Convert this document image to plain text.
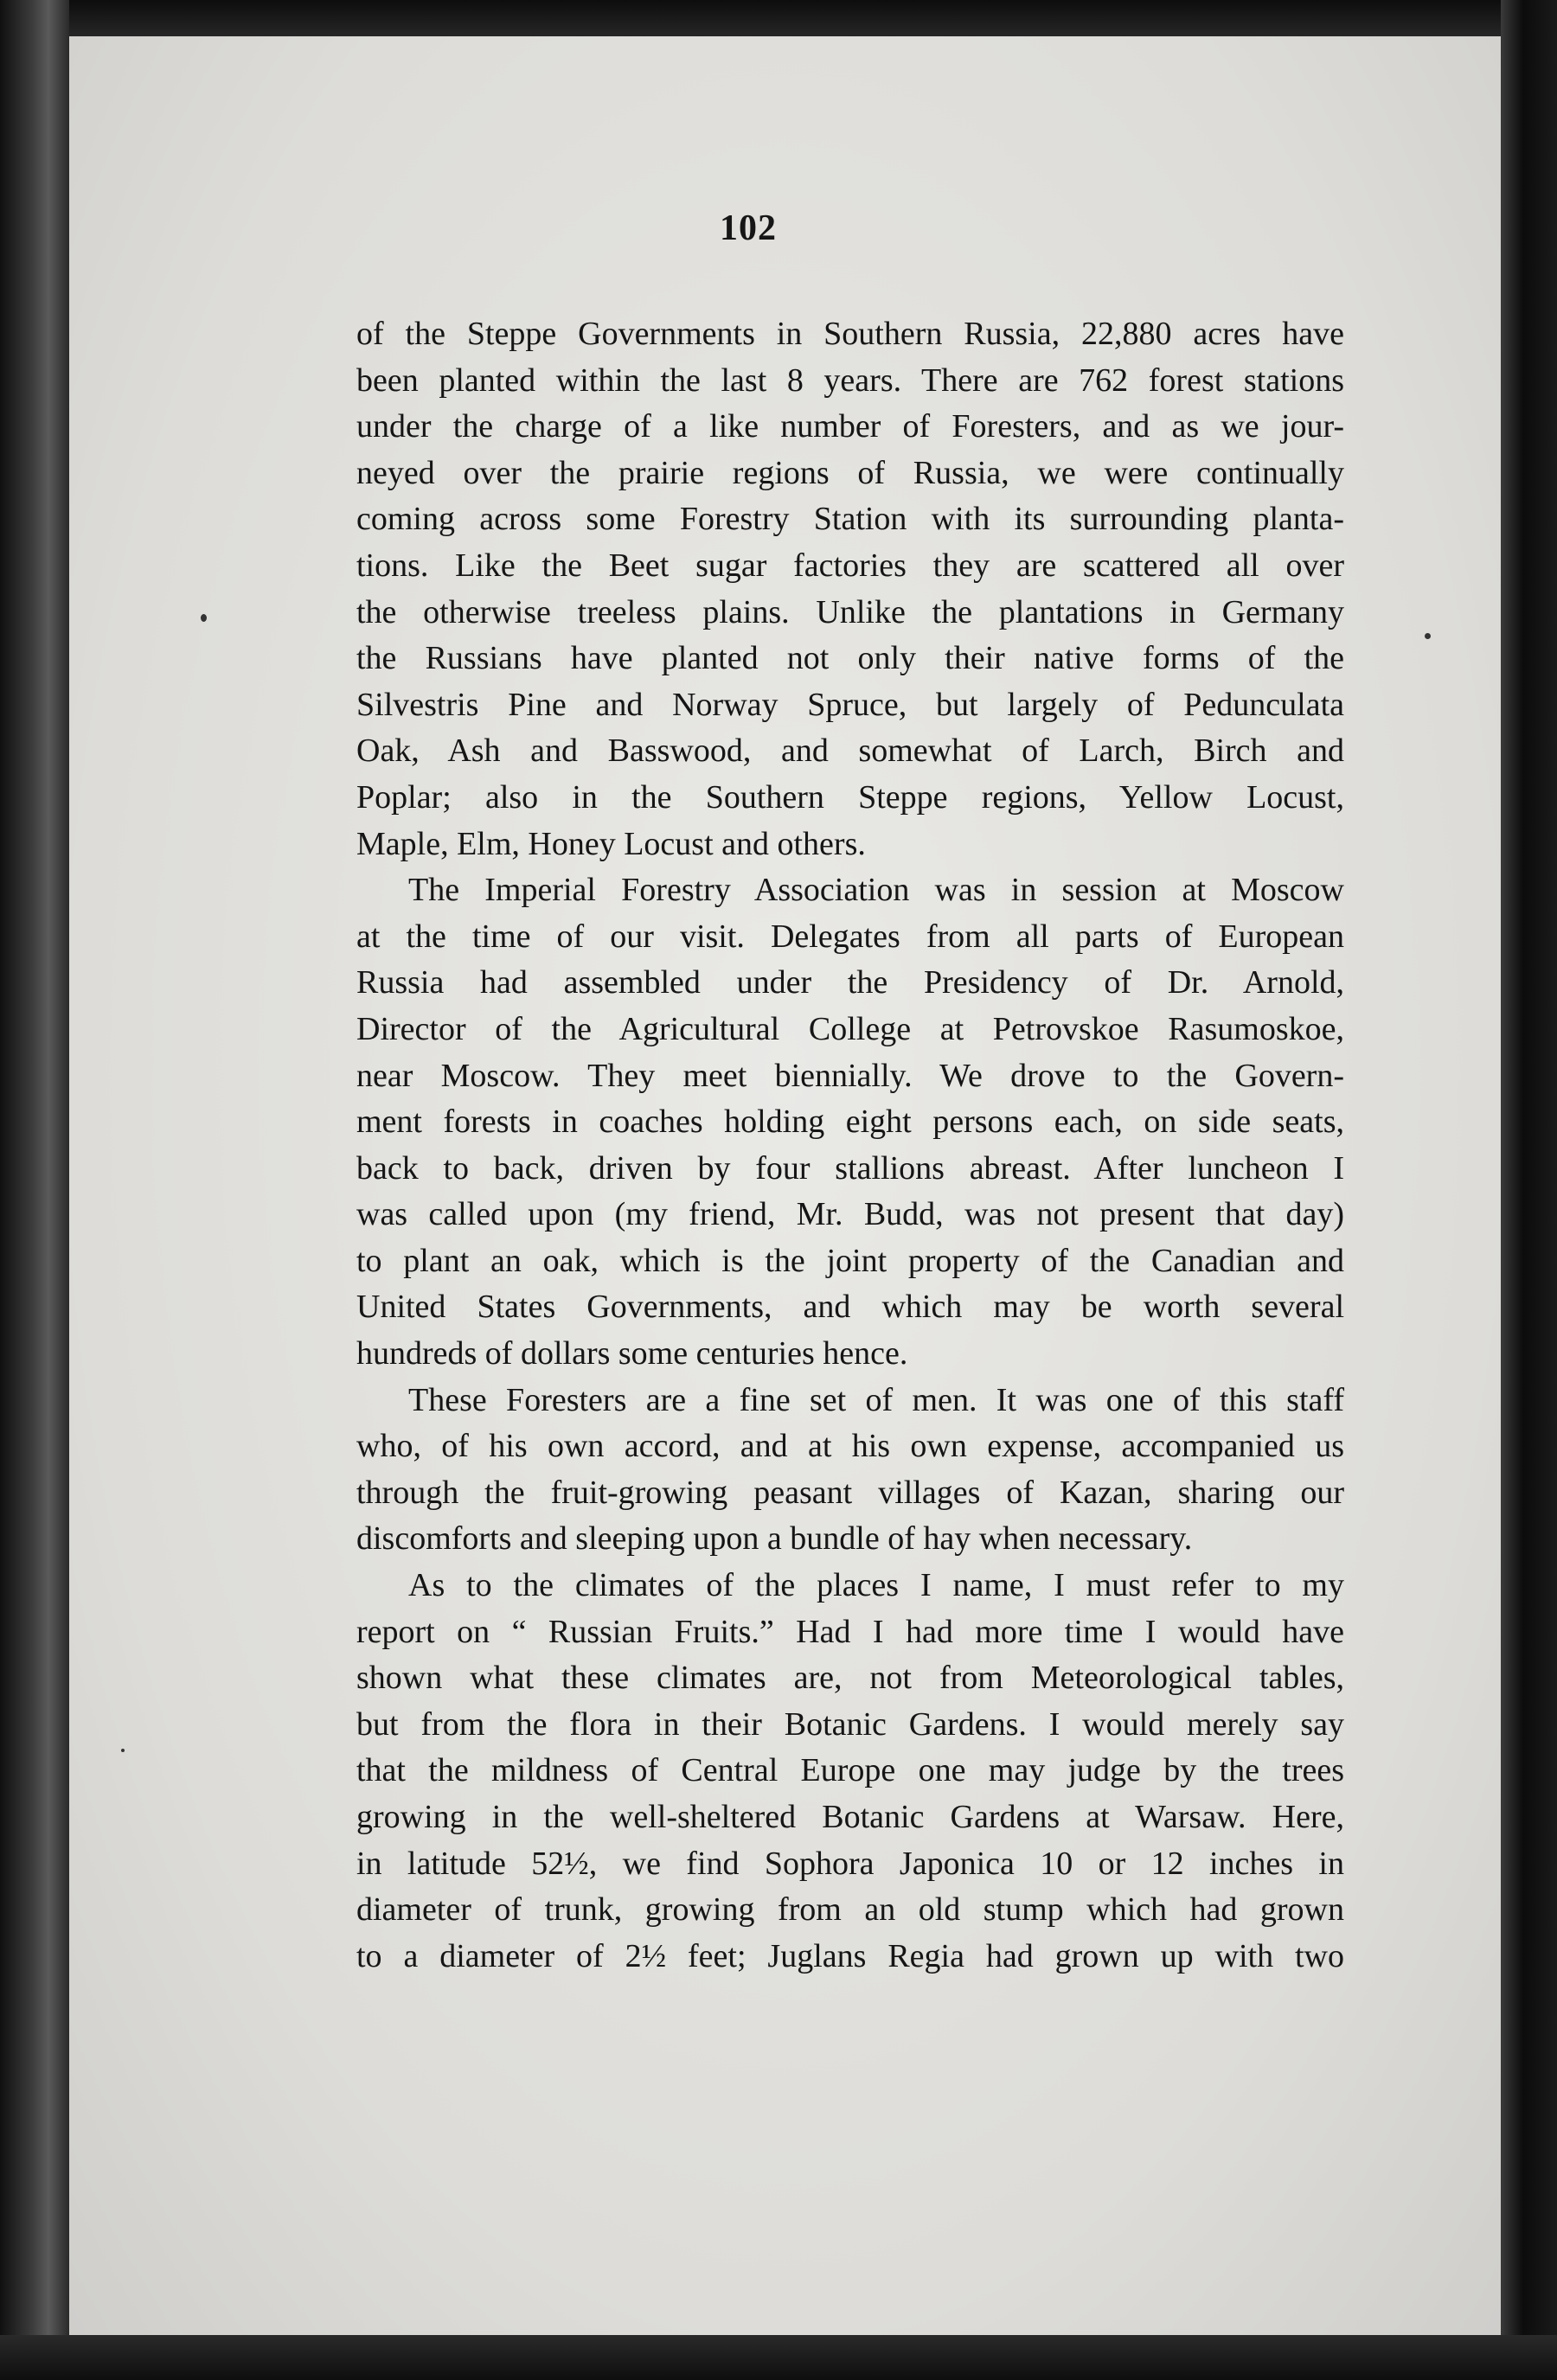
102

of the Steppe Governments in Southern Russia, 22,880 acres have
been planted within the last 8 years. There are 762 forest stations
under the charge of a like number of Foresters, and as we jour-
neyed over the prairie regions of Russia, we were continually
coming across some Forestry Station with its surrounding planta-
tions. Like the Beet sugar factories they are scattered all over
the otherwise treeless plains. Unlike the plantations in Germany
the Russians have planted not only their native forms of the
Silvestris Pine and Norway Spruce, but largely of Pedunculata
Oak, Ash and Basswood, and somewhat of Larch, Birch and
Poplar; also in the Southern Steppe regions, Yellow Locust,
Maple, Elm, Honey Locust and others.

The Imperial Forestry Association was in session at Moscow
at the time of our visit. Delegates from all parts of European
Russia had assembled under the Presidency of Dr. Arnold,
Director of the Agricultural College at Petrovskoe Rasumoskoe,
near Moscow. They meet biennially. We drove to the Govern-
ment forests in coaches holding eight persons each, on side seats,
back to back, driven by four stallions abreast. After luncheon I
was called upon (my friend, Mr. Budd, was not present that day)
to plant an oak, which is the joint property of the Canadian and
United States Governments, and which may be worth several
hundreds of dollars some centuries hence.

These Foresters are a fine set of men. It was one of this staff
who, of his own accord, and at his own expense, accompanied us
through the fruit-growing peasant villages of Kazan, sharing our
discomforts and sleeping upon a bundle of hay when necessary.

As to the climates of the places I name, I must refer to my
report on “ Russian Fruits.” Had I had more time I would have
shown what these climates are, not from Meteorological tables,
but from the flora in their Botanic Gardens. I would merely say
that the mildness of Central Europe one may judge by the trees
growing in the well-sheltered Botanic Gardens at Warsaw. Here,
in latitude 52½, we find Sophora Japonica 10 or 12 inches in
diameter of trunk, growing from an old stump which had grown
to a diameter of 2½ feet; Juglans Regia had grown up with two
